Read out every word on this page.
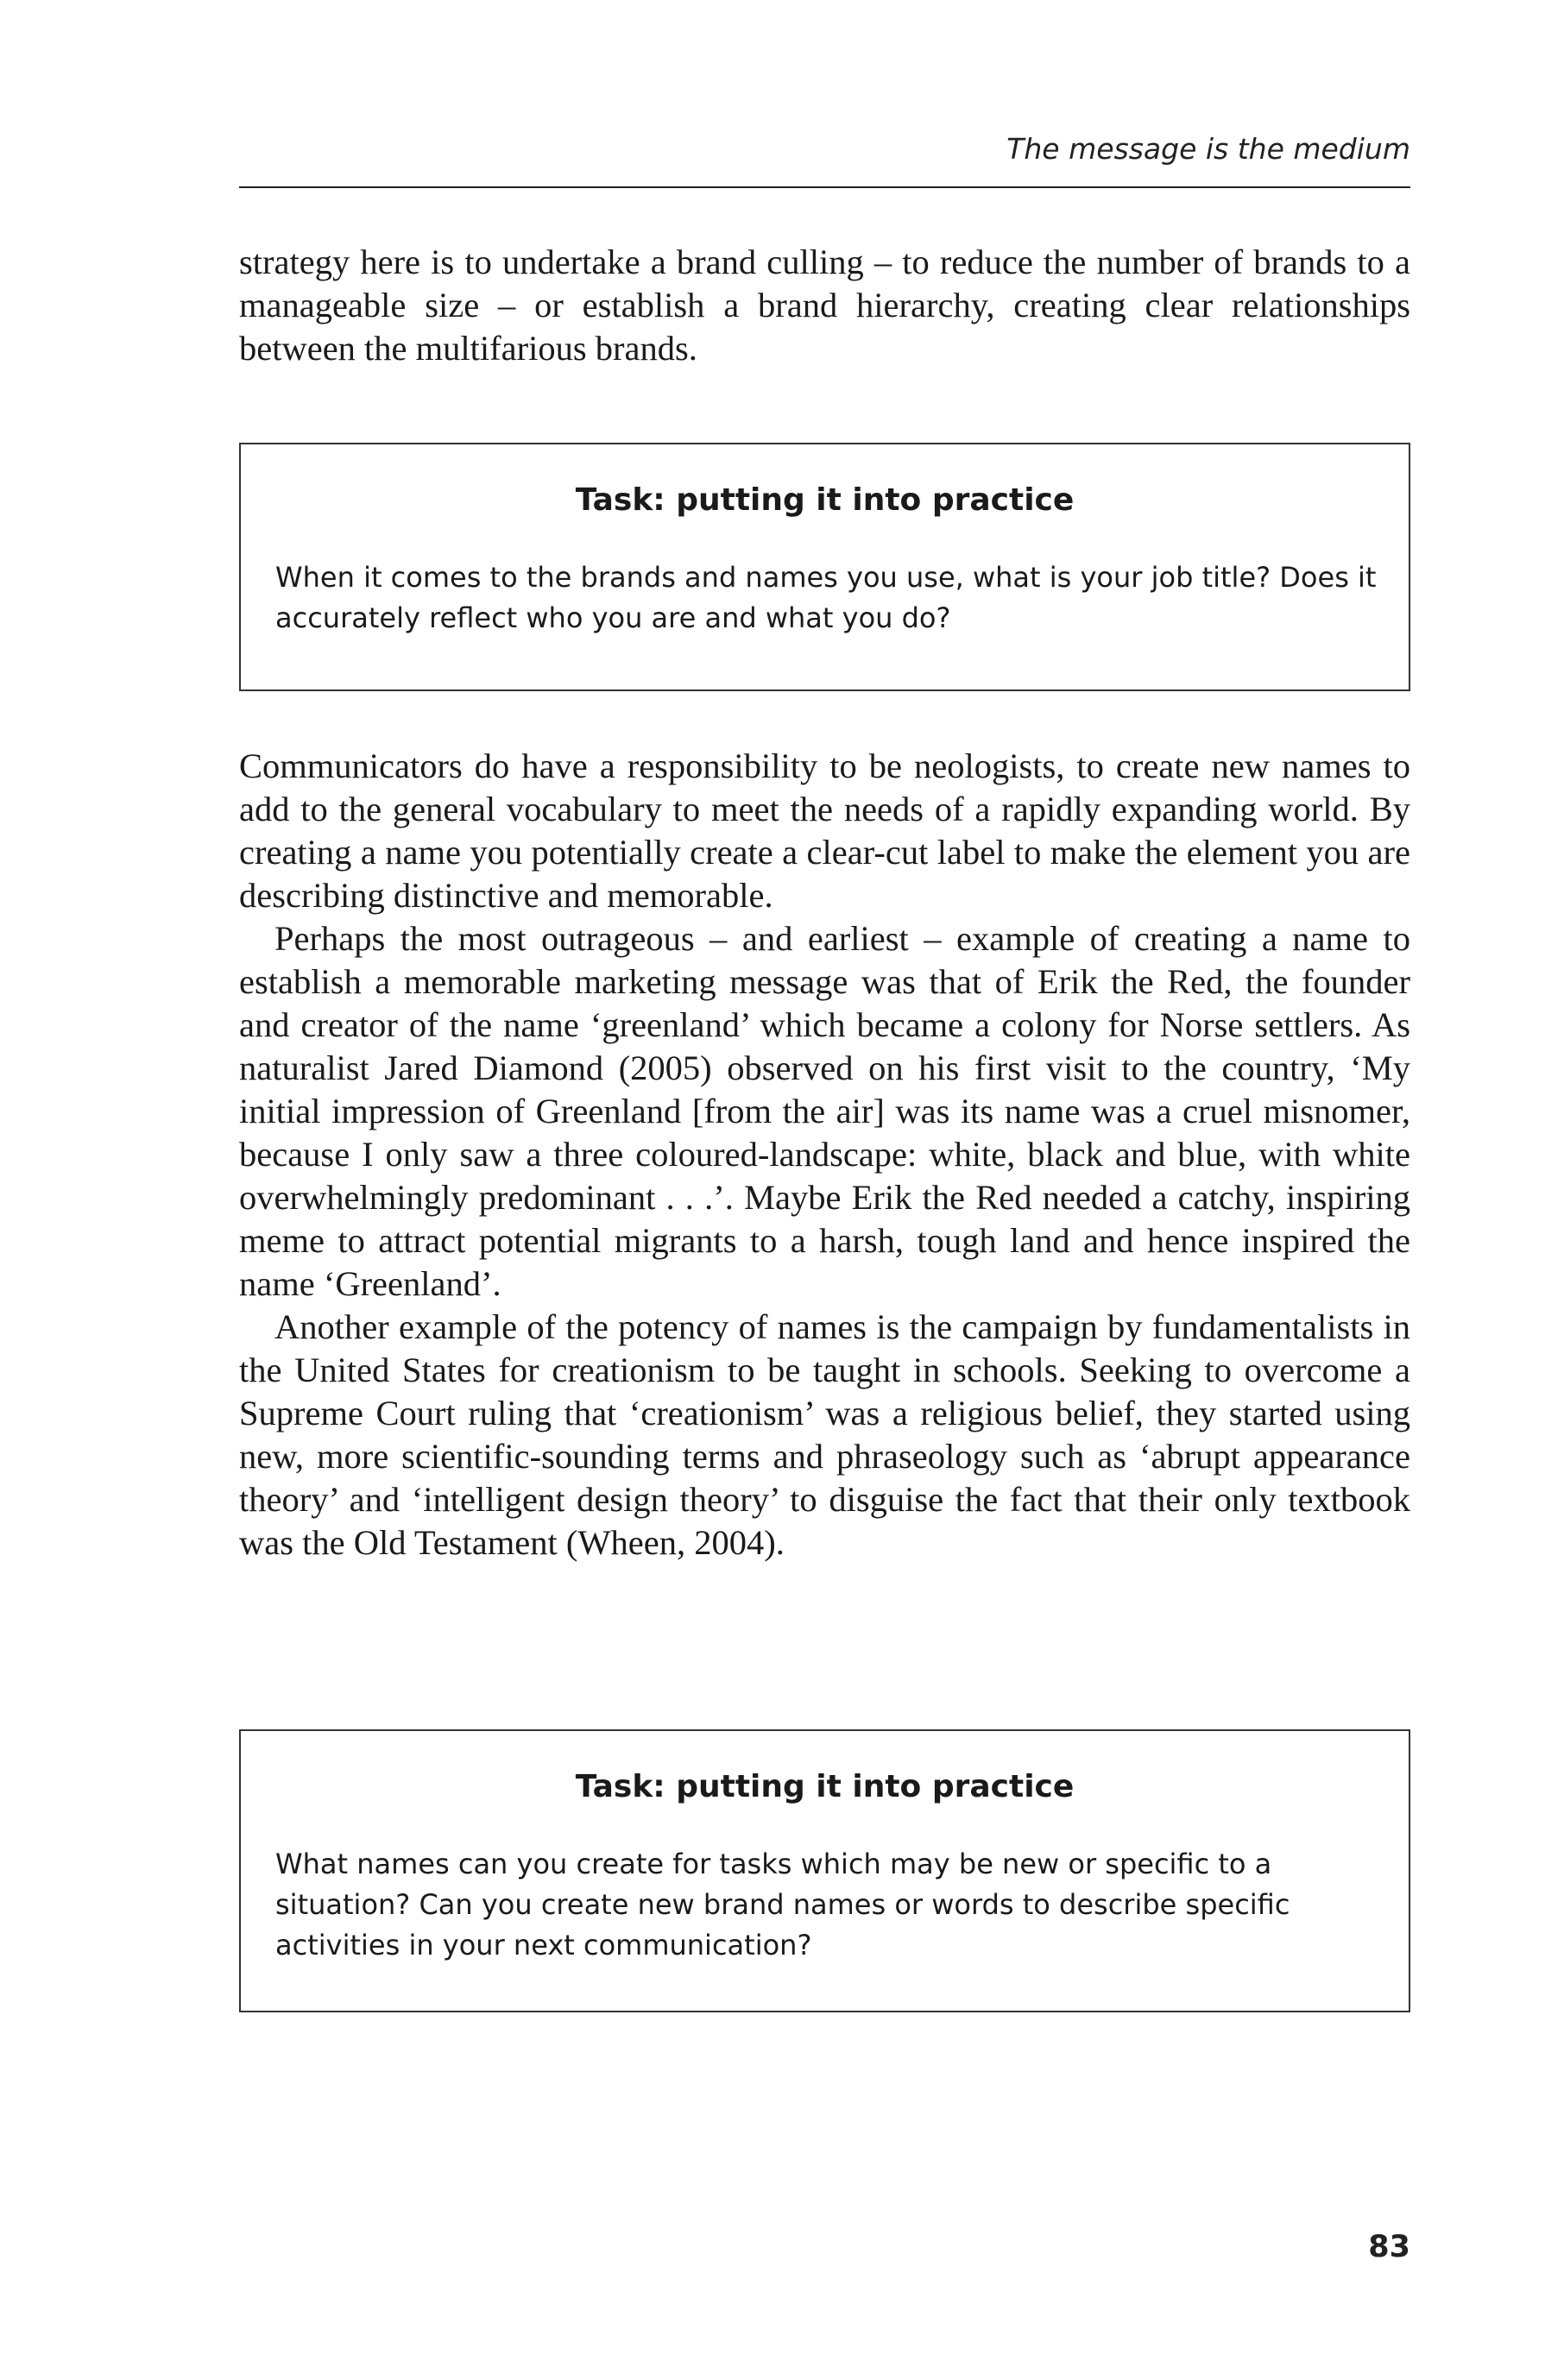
The message is the medium

strategy here is to undertake a brand culling – to reduce the number of brands to a manageable size – or establish a brand hierarchy, creating clear relationships between the multifarious brands.

Task: putting it into practice

When it comes to the brands and names you use, what is your job title? Does it accurately reflect who you are and what you do?

Communicators do have a responsibility to be neologists, to create new names to add to the general vocabulary to meet the needs of a rapidly expanding world. By creating a name you potentially create a clear-cut label to make the element you are describing distinctive and memorable.

Perhaps the most outrageous – and earliest – example of creating a name to establish a memorable marketing message was that of Erik the Red, the founder and creator of the name ‘greenland’ which became a colony for Norse settlers. As naturalist Jared Diamond (2005) observed on his first visit to the country, ‘My initial impression of Greenland [from the air] was its name was a cruel misnomer, because I only saw a three coloured-landscape: white, black and blue, with white overwhelmingly predominant . . .’. Maybe Erik the Red needed a catchy, inspiring meme to attract potential migrants to a harsh, tough land and hence inspired the name ‘Greenland’.

Another example of the potency of names is the campaign by fundamentalists in the United States for creationism to be taught in schools. Seeking to overcome a Supreme Court ruling that ‘creationism’ was a religious belief, they started using new, more scientific-sounding terms and phraseology such as ‘abrupt appearance theory’ and ‘intelligent design theory’ to disguise the fact that their only textbook was the Old Testament (Wheen, 2004).

Task: putting it into practice

What names can you create for tasks which may be new or specific to a situation? Can you create new brand names or words to describe specific activities in your next communication?

83
